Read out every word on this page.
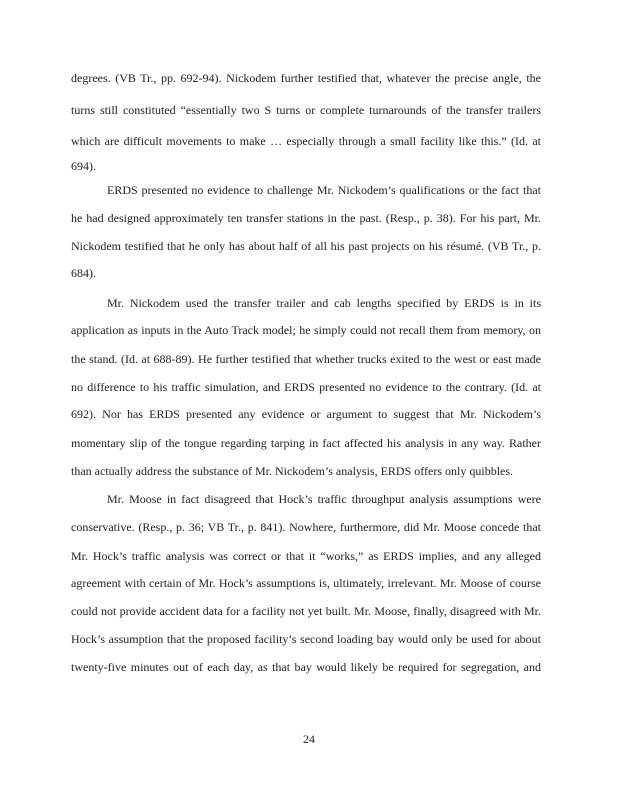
degrees. (VB Tr., pp. 692-94). Nickodem further testified that, whatever the precise angle, the
turns still constituted “essentially two S turns or complete turnarounds of the transfer trailers
which are difficult movements to make … especially through a small facility like this.” (Id. at
694).
ERDS presented no evidence to challenge Mr. Nickodem’s qualifications or the fact that
he had designed approximately ten transfer stations in the past. (Resp., p. 38). For his part, Mr.
Nickodem testified that he only has about half of all his past projects on his résumé. (VB Tr., p.
684).
Mr. Nickodem used the transfer trailer and cab lengths specified by ERDS is in its
application as inputs in the Auto Track model; he simply could not recall them from memory, on
the stand. (Id. at 688-89). He further testified that whether trucks exited to the west or east made
no difference to his traffic simulation, and ERDS presented no evidence to the contrary. (Id. at
692). Nor has ERDS presented any evidence or argument to suggest that Mr. Nickodem’s
momentary slip of the tongue regarding tarping in fact affected his analysis in any way. Rather
than actually address the substance of Mr. Nickodem’s analysis, ERDS offers only quibbles.
Mr. Moose in fact disagreed that Hock’s traffic throughput analysis assumptions were
conservative. (Resp., p. 36; VB Tr., p. 841). Nowhere, furthermore, did Mr. Moose concede that
Mr. Hock’s traffic analysis was correct or that it “works,” as ERDS implies, and any alleged
agreement with certain of Mr. Hock’s assumptions is, ultimately, irrelevant. Mr. Moose of course
could not provide accident data for a facility not yet built. Mr. Moose, finally, disagreed with Mr.
Hock’s assumption that the proposed facility’s second loading bay would only be used for about
twenty-five minutes out of each day, as that bay would likely be required for segregation, and
24
